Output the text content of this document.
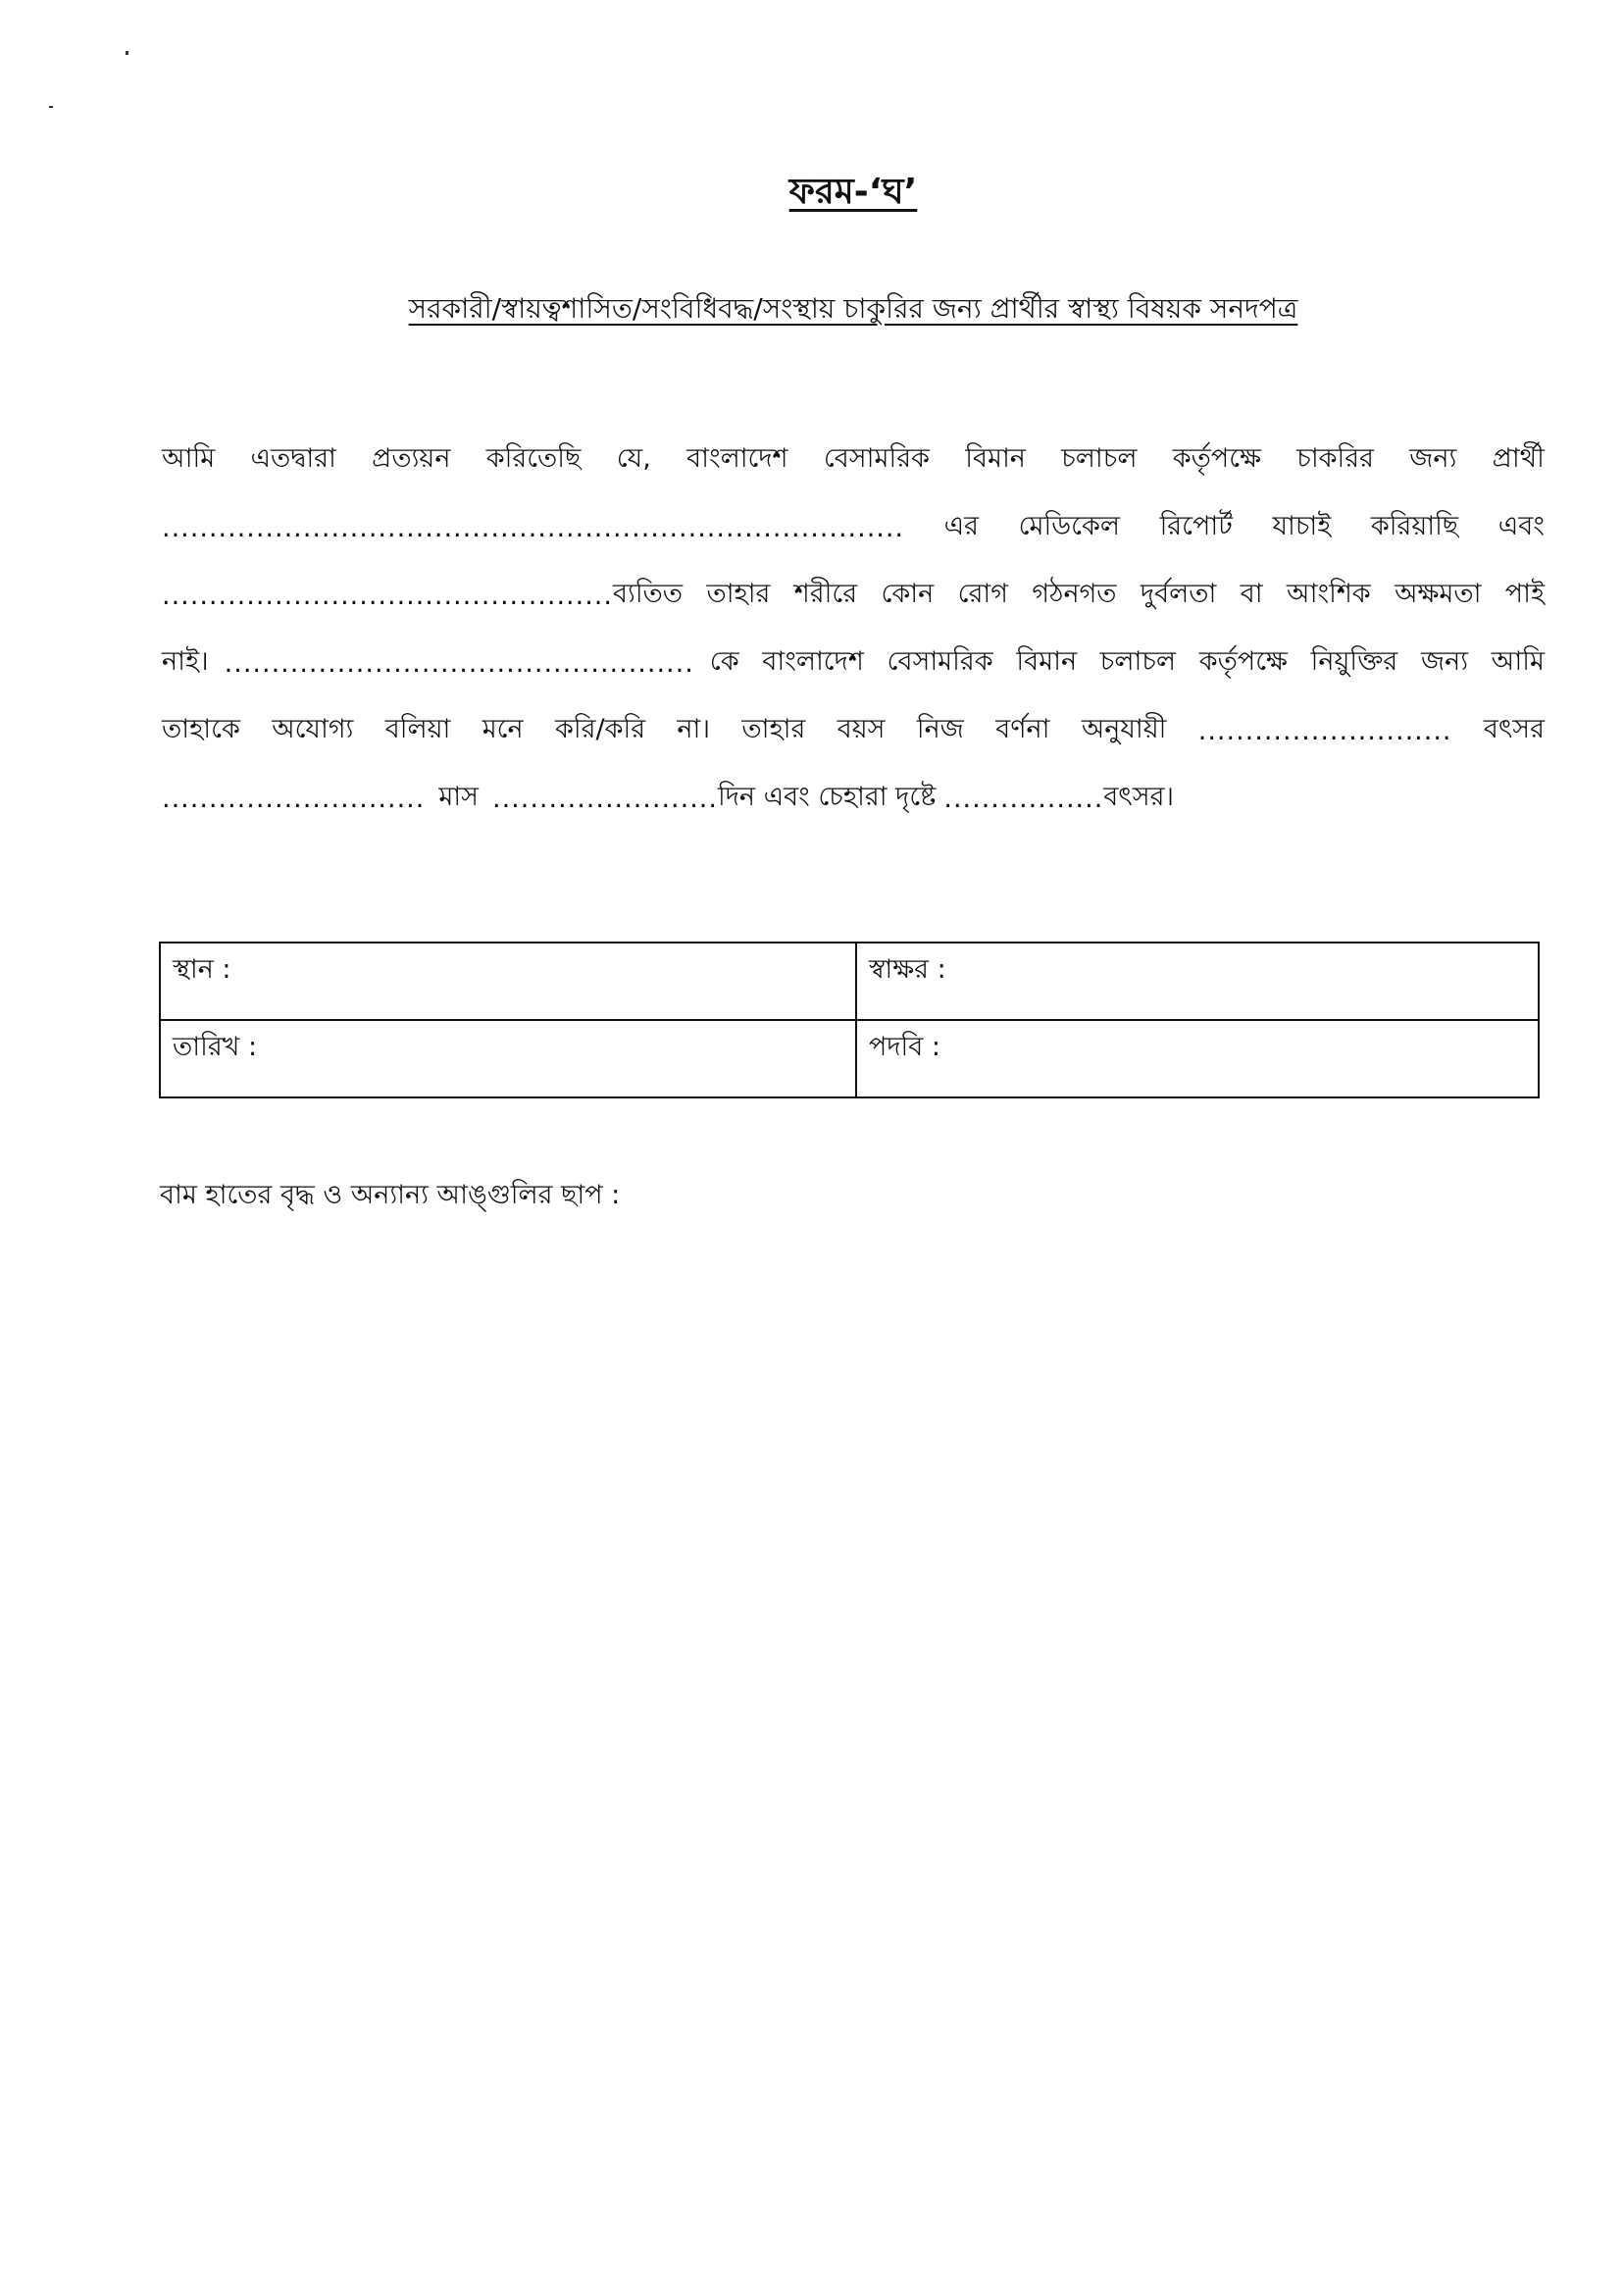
ফরম-‘ঘ’
সরকারী/স্বায়ত্বশাসিত/সংবিধিবদ্ধ/সংস্থায় চাকুরির জন্য প্রার্থীর স্বাস্থ্য বিষয়ক সনদপত্র
আমি এতদ্বারা প্রত্যয়ন করিতেছি যে, বাংলাদেশ বেসামরিক বিমান চলাচল কর্তৃপক্ষে চাকরির জন্য প্রার্থী
............................................................................... এর মেডিকেল রিপোর্ট যাচাই করিয়াছি এবং
................................................ ব্যতিত তাহার শরীরে কোন রোগ গঠনগত দুর্বলতা বা আংশিক অক্ষমতা পাই
নাই। .................................................. কে বাংলাদেশ বেসামরিক বিমান চলাচল কর্তৃপক্ষে নিয়ুক্তির জন্য আমি
তাহাকে অযোগ্য বলিয়া মনে করি/করি না। তাহার বয়স নিজ বর্ণনা অনুযায়ী ........................... বৎসর
............................ মাস ........................ দিন এবং চেহারা দৃষ্টে ................. বৎসর।
স্থান :	স্বাক্ষর :
তারিখ :	পদবি :
বাম হাতের বৃদ্ধ ও অন্যান্য আঙ্গুলির ছাপ :
